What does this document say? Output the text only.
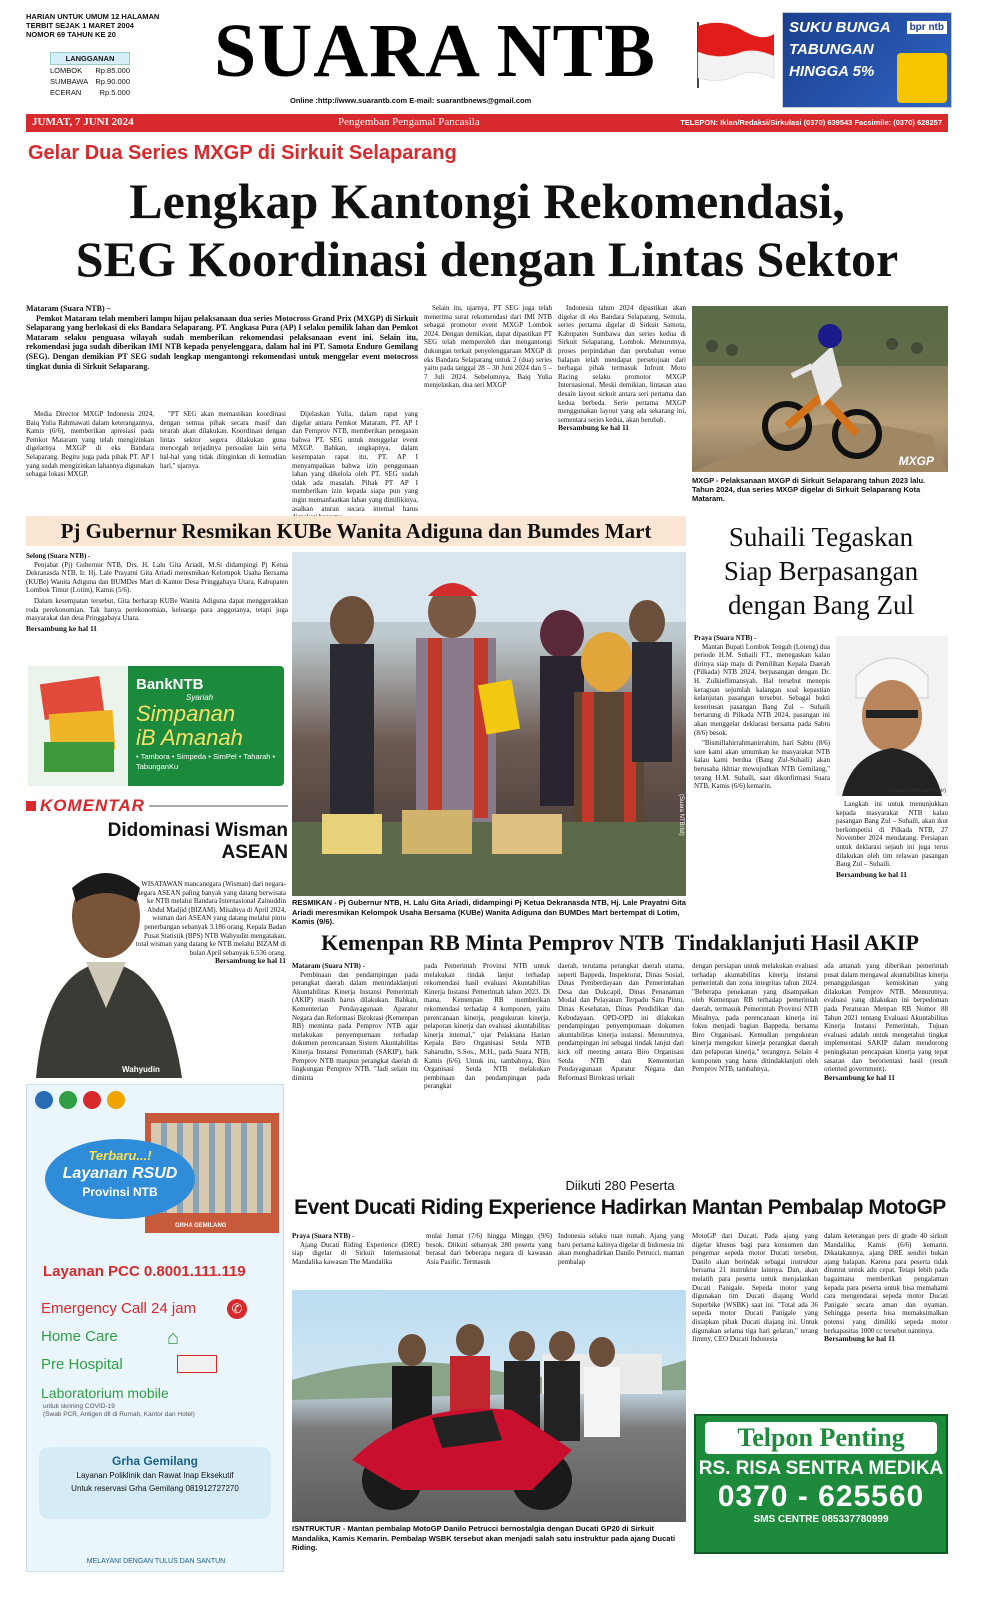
HARIAN UNTUK UMUM 12 HALAMAN
TERBIT SEJAK 1 MARET 2004
NOMOR 69 TAHUN KE 20
LANGGANAN
LOMBOK Rp.85.000
SUMBAWA Rp.90.000
ECERAN Rp.5.000	SUARA NTB	SUKU BUNGA
TABUNGAN
HINGGA 5%
bpr ntb
Online :http://www.suarantb.com E-mail: suarantbnews@gmail.com
JUMAT, 7 JUNI 2024	Pengemban Pengamal Pancasila	TELEPON: Iklan/Redaksi/Sirkulasi (0370) 639543 Facsimile: (0370) 628257
Gelar Dua Series MXGP di Sirkuit Selaparang
Lengkap Kantongi Rekomendasi,
SEG Koordinasi dengan Lintas Sektor
Mataram (Suara NTB) –
Pemkot Mataram telah memberi lampu hijau pelaksanaan dua series Motocross Grand Prix (MXGP) di Sirkuit Selaparang yang berlokasi di eks Bandara Selaparang. PT. Angkasa Pura (AP) I selaku pemilik lahan dan Pemkot Mataram selaku penguasa wilayah sudah memberikan rekomendasi pelaksanaan event ini. Selain itu, rekomendasi juga sudah diberikan IMI NTB kepada penyelenggara, dalam hal ini PT. Samota Enduro Gemilang (SEG). Dengan demikian PT SEG sudah lengkap mengantongi rekomendasi untuk menggelar event motocross tingkat dunia di Sirkuit Selaparang.
Media Director MXGP Indonesia 2024, Baiq Yulia Rahmawati dalam keterangannya, Kamis (6/6), memberikan apresiasi pada Pemkot Mataram yang telah mengizinkan digelarnya MXGP di eks Bandara Selaparang. Begitu juga pada pihak PT. AP I yang sudah mengizinkan lahannya digunakan sebagai lokasi MXGP.
"PT SEG akan memastikan koordinasi dengan semua pihak secara masif dan terarah akan dilakukan. Koordinasi dengan lintas sektor segera dilakukan guna mencegah terjadinya persoalan lain serta hal-hal yang tidak diinginkan di kemudian hari," ujarnya.
Dijelaskan Yulia, dalam rapat yang digelar antara Pemkot Mataram, PT. AP I dan Pemprov NTB, memberikan penegasan bahwa PT. SEG untuk menggelar event MXGP. Bahkan, ungkapnya, dalam kesempatan rapat itu, PT. AP I menyampaikan bahwa izin penggunaan lahan yang dikelola oleh PT. SEG sudah tidak ada masalah. Pihak PT AP I memberikan izin kepada siapa pun yang ingin memanfaatkan lahan yang dimilikinya, asalkan aturan secara internal harus
Selain itu, ujarnya, PT SEG juga telah menerima surat rekomendasi dari IMI NTB sebagai promotor event MXGP Lombok 2024. Dengan demikian, dapat dipastikan PT SEG telah memperoleh dan mengantongi dukungan terkait penyelenggaraan MXGP di eks Bandara Selaparang untuk 2 (dua) series yaitu pada tanggal 28 – 30 Juni 2024 dan 5 – 7 Juli 2024. Sebelumnya, Baiq Yulia menjelaskan, dua seri MXGP
Indonesia tahun 2024 dipastikan akan digelar di eks Bandara Selaparang. Semula, series pertama digelar di Sirkuit Samota, Kabupaten Sumbawa dan series kedua di Sirkuit Selaparang, Lombok. Menurutnya, proses perpindahan dan perubahan venue balapan telah mendapat persetujuan dari berbagai pihak termasuk Infront Moto Racing selaku promotor MXGP Internasional. Meski demikian, lintasan atau desain layout sirkuit antara seri pertama dan kedua berbeda. Serie pertama MXGP menggunakan layout yang ada sekarang ini, sementara series kedua, akan berubah.
Bersambung ke hal 11
MXGP
MXGP - Pelaksanaan MXGP di Sirkuit Selaparang tahun 2023 lalu. Tahun 2024, dua series MXGP digelar di Sirkuit Selaparang Kota Mataram.
Pj Gubernur Resmikan KUBe Wanita Adiguna dan Bumdes Mart
Selong (Suara NTB) -

Penjabat (Pj) Gubernur NTB, Drs. H. Lalu Gita Ariadi, M.Si didampingi Pj Ketua Dekranasda NTB, Ir. Hj. Lale Prayatni Gita Ariadi meresmikan Kelompok Usaha Bersama (KUBe) Wanita Adiguna dan BUMDes Mart di Kantor Desa Pringgabaya Utara, Kabupaten Lombok Timur (Lotim), Kamis (5/6).

Dalam kesempatan tersebut, Gita berharap KUBe Wanita Adiguna dapat menggerakkan roda perekonomian. Tak hanya perekonomian, keluarga para anggotanya, tetapi juga masyarakat dan desa Pringgabaya Utara.

Bersambung ke hal 11
(Suara NTB/Ist)
RESMIKAN - Pj Gubernur NTB, H. Lalu Gita Ariadi, didampingi Pj Ketua Dekranasda NTB, Hj. Lale Prayatni Gita Ariadi meresmikan Kelompok Usaha Bersama (KUBe) Wanita Adiguna dan BUMDes Mart bertempat di Lotim, Kamis (9/6).
BankNTB
Syariah
Simpanan
iB Amanah
• Tambora • Simpeda • SimPel • Taharah • TabunganKu
KOMENTAR
Didominasi Wisman
ASEAN
Wahyudin
WISATAWAN mancanegara (Wisman) dari negara-negara ASEAN paling banyak yang datang berwisata ke NTB melalui Bandara Internasional Zainuddin Abdul Madjid (BIZAM). Misalnya di April 2024, wisman dari ASEAN yang datang melalui pintu penerbangan sebanyak 3.186 orang. Kepala Badan Pusat Statistik (BPS) NTB Wahyudin mengatakan, total wisman yang datang ke NTB melalui BIZAM di bulan April sebanyak 6.536 orang.
Bersambung ke hal 11
Suhaili Tegaskan
Siap Berpasangan
dengan Bang Zul
Praya (Suara NTB) -

Mantan Bupati Lombok Tengah (Loteng) dua periode H.M. Suhaili FT., menegaskan kalau dirinya siap maju di Pemilihan Kepala Daerah (Pilkada) NTB 2024, berpasangan dengan Dr. H. Zulkieflimansyah. Hal tersebut menepis keraguan sejumlah kalangan soal kepastian kelanjutan pasangan tersebut. Sebagai bukti keseriusan pasangan Bang Zul – Suhaili bertarung di Pilkada NTB 2024, pasangan ini akan menggelar deklarasi bersama pada Sabtu (8/6) besok.

"Bismillahirrahmanirrahim, hari Sabtu (8/6) sore kami akan umumkan ke masyarakat NTB kalau kami berdua (Bang Zul-Suhaili) akan berusaha ikhtiar mewujudkan NTB Gemilang," terang H.M. Suhaili, saat dikonfirmasi Suara NTB, Kamis (6/6) kemarin.

(Suara NTB/Fadil Tohir)

Langkah ini untuk menunjukkan kepada masyarakat NTB kalau pasangan Bang Zul – Suhaili, akan ikut berkompetisi di Pilkada NTB, 27 November 2024 mendatang. Persiapan untuk deklarasi sejauh ini juga terus dilakukan oleh tim relawan pasangan Bang Zul – Suhaili.

Bersambung ke hal 11
Kemenpan RB Minta Pemprov NTB  Tindaklanjuti Hasil AKIP
Mataram (Suara NTB) -
Pembinaan dan pendampingan pada perangkat daerah dalam menindaklanjuti Akuntabilitas Kinerja Instansi Pemerintah (AKIP) masih harus dilakukan. Bahkan, Kementerian Pendayagunaan Aparatur Negara dan Reformasi Birokrasi (Kemenpan RB) meminta pada Pemprov NTB agar melakukan penyempurnaan terhadap dokumen perencanaan Sistem Akuntabilitas Kinerja Instansi Pemerintah (SAKIP), baik Pemprov NTB maupun perangkat daerah di lingkungan Pemprov NTB. "Jadi selain itu diminta
pada Pemerintah Provinsi NTB untuk melakukan tindak lanjut terhadap rekomendasi hasil evaluasi Akuntabilitas Kinerja Instansi Pemerintah tahun 2023. Di mana, Kemenpan RB memberikan rekomendasi terhadap 4 komponen, yaitu perencanaan kinerja, pengukuran kinerja, pelaporan kinerja dan evaluasi akuntabilitas kinerja internal," ujar Pelaksana Harian Kepala Biro Organisasi Setda NTB Saharudin, S.Sos., M.H., pada Suara NTB, Kamis (6/6). Untuk itu, tambahnya, Biro Organisasi Setda NTB melakukan pembinaan dan pendampingan pada perangkat
daerah, terutama perangkat daerah utama, seperti Bappeda, Inspektorat, Dinas Sosial, Dinas Pemberdayaan dan Pemerintahan Desa dan Dukcapil, Dinas Penanaman Modal dan Pelayanan Terpadu Satu Pintu, Dinas Kesehatan, Dinas Pendidikan dan Kebudayaan. OPD-OPD ini dilakukan pendampingan penyempurnaan dokumen akuntabilitas kinerja instansi. Menurutnya, pendampingan ini sebagai tindak lanjut dari kick off meeting antara Biro Organisasi Setda NTB dan Kementerian Pendayagunaan Aparatur Negara dan Reformasi Birokrasi terkait
dengan persiapan untuk melakukan evaluasi terhadap akuntabilitas kinerja instansi pemerintah dan zona integritas tahun 2024. "Beberapa penekanan yang disampaikan oleh Kemenpan RB terhadap pemerintah daerah, termasuk Pemerintah Provinsi NTB Misalnya, pada perencanaan kinerja ini fokus menjadi bagian Bappeda, bersama Biro Organisasi. Kemudian pengukuran kinerja mengukur kinerja perangkat daerah dan pelaporan kinerja," terangnya. Selain 4 komponen yang harus ditindaklanjuti oleh Pemprov NTB, tambahnya,
ada amanah yang diberikan pemerintah pusat dalam mengawal akuntabilitas kinerja penanggulangan kemiskinan yang dilakukan Pemprov NTB. Menurutnya, evaluasi yang dilakukan ini berpedoman pada Peraturan Menpan RB Nomor 88 Tahun 2021 tentang Evaluasi Akuntabilitas Kinerja Instansi Pemerintah. Tujuan evaluasi adalah untuk mengetahui tingkat implementasi SAKIP dalam mendorong peningkatan pencapaian kinerja yang tepat sasaran dan berorientasi hasil (result oriented government).
Bersambung ke hal 11
GRHA GEMILANG
Terbaru...!
Layanan RSUD
Provinsi NTB
Layanan PCC 0.8001.111.119
Emergency Call 24 jam
Home Care
Pre Hospital
Laboratorium mobile
✆
⌂
untuk skrining COVID-19
(Swab PCR, Antigen dll di Rumah, Kantor dan Hotel)
Grha Gemilang
Layanan Poliklinik dan Rawat Inap Eksekutif
Untuk reservasi Grha Gemilang 081912727270
MELAYANI DENGAN TULUS DAN SANTUN
Diikuti 280 Peserta
Event Ducati Riding Experience Hadirkan Mantan Pembalap MotoGP
Praya (Suara NTB) -
Ajang Ducati Riding Experience (DRE) siap digelar di Sirkuit Internasional Mandalika kawasan The Mandalika
mulai Jumat (7/6) hingga Minggu (9/6) besok. Diikuti sebanyak 280 peserta yang berasal dari beberapa negara di kawasan Asia Pasific. Termasuk
Indonesia selaku tuan rumah. Ajang yang baru pertama kalinya digelar di Indonesia ini akan menghadirkan Danilo Petrucci, mantan pembalap
MotoGP dari Ducati. Pada ajang yang digelar khusus bagi para konsumen dan pengemar sepeda motor Ducati tersebut, Danilo akan berindak sebagai instruktur bersama 21 instruktur lainnya. Dan, akan melatih para peserta untuk menjalankan Ducati Panigale. Sepeda motor yang digunakan tim Ducati diajang World Superbike (WSBK) saat ini. "Total ada 36 sepeda motor Ducati Panigale yang disiapkan pihak Ducati diajang ini. Untuk digunakan selama tiga hari gelaran," terang Jimmy, CEO Ducati Indonesia
dalam keterangan pers di grade 40 sirkuit Mandalika, Kamis (6/6) kemarin. Dikatakannya, ajang DRE sendiri bukan ajang balapan. Karena para peserta tidak dituntut untuk adu cepat. Tetapi lebih pada bagaimana memberikan pengalaman kepada para peserta untuk bisa memahami cara mengendarai sepeda motor Ducati Panigale secara aman dan nyaman. Sehingga peserta bisa memaksimalkan potensi yang dimiliki sepeda motor berkapasitas 1000 cc tersebut nantinya.
Bersambung ke hal 11
ISNTRUKTUR - Mantan pembalap MotoGP Danilo Petrucci bernostalgia dengan Ducati GP20 di Sirkuit Mandalika, Kamis Kemarin. Pembalap WSBK tersebut akan menjadi salah satu instruktur pada ajang Ducati Riding.
Telpon Penting
RS. RISA SENTRA MEDIKA
0370 - 625560
SMS CENTRE 085337780999
